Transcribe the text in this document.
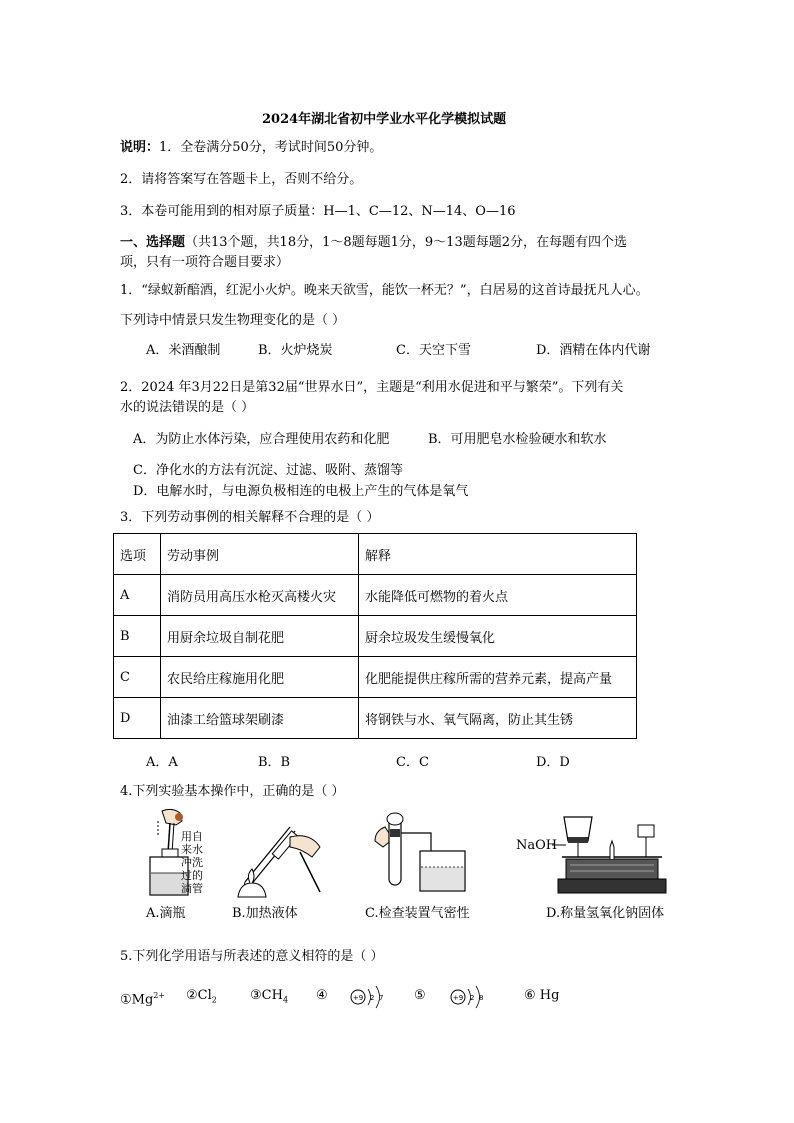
2024年湖北省初中学业水平化学模拟试题
说明：1．全卷满分50分，考试时间50分钟。
2．请将答案写在答题卡上，否则不给分。
3．本卷可能用到的相对原子质量：H—1、C—12、N—14、O—16
一、选择题（共13个题，共18分，1～8题每题1分，9～13题每题2分，在每题有四个选
项，只有一项符合题目要求）
1．“绿蚁新醅酒，红泥小火炉。晚来天欲雪，能饮一杯无？”，白居易的这首诗最抚凡人心。
下列诗中情景只发生物理变化的是（ ）
A．米酒酿制	B．火炉烧炭	C．天空下雪	D．酒精在体内代谢
2．2024 年3月22日是第32届“世界水日”，主题是“利用水促进和平与繁荣”。下列有关
水的说法错误的是（ ）
A．为防止水体污染，应合理使用农药和化肥	B．可用肥皂水检验硬水和软水
C．净化水的方法有沉淀、过滤、吸附、蒸馏等
D．电解水时，与电源负极相连的电极上产生的气体是氧气
3．下列劳动事例的相关解释不合理的是（ ）
选项	劳动事例	解释
A	消防员用高压水枪灭高楼火灾	水能降低可燃物的着火点
B	用厨余垃圾自制花肥	厨余垃圾发生缓慢氧化
C	农民给庄稼施用化肥	化肥能提供庄稼所需的营养元素，提高产量
D	油漆工给篮球架刷漆	将钢铁与水、氧气隔离，防止其生锈
A．A	B．B	C．C	D．D
4.下列实验基本操作中，正确的是（ ）
用自
来水
冲洗
过的
滴管
NaOH
A.滴瓶	B.加热液体	C.检查装置气密性	D.称量氢氧化钠固体
5.下列化学用语与所表述的意义相符的是（ ）
$①Mg^{2+}$ $②Cl_2$	$③CH_4$ ④	+9 2 7 ⑤	+9 2 8	⑥ Hg
